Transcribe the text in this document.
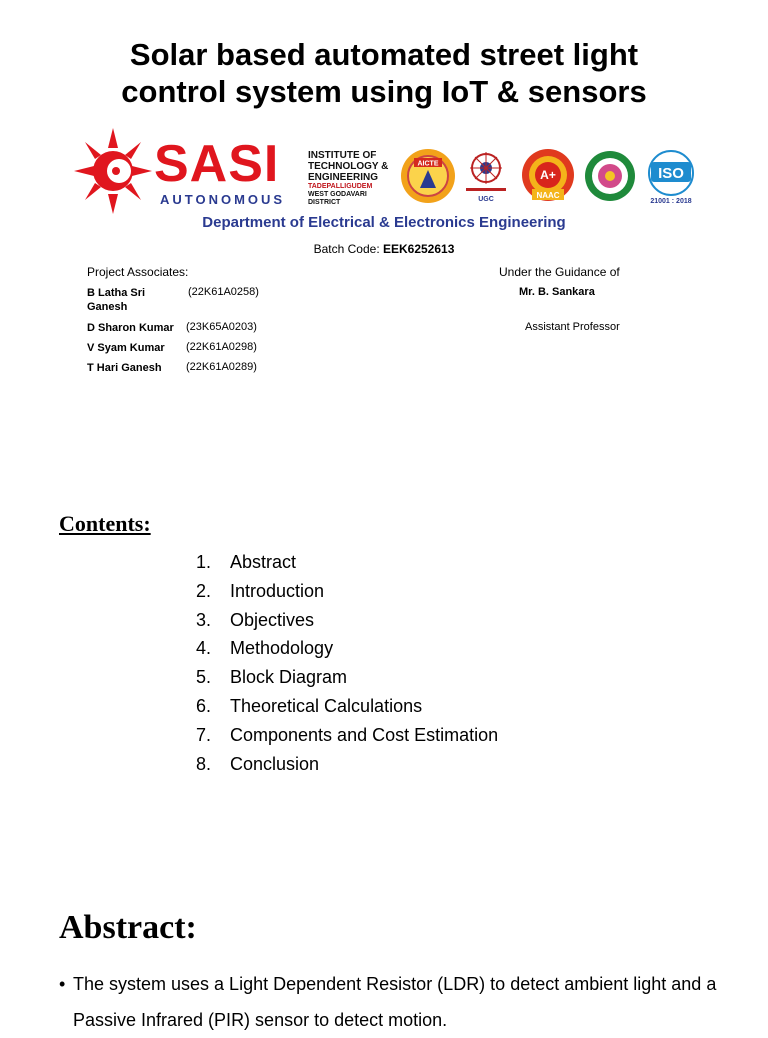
Solar based automated street light
control system using IoT & sensors
SASI
AUTONOMOUS
INSTITUTE OF
TECHNOLOGY &
ENGINEERING
TADEPALLIGUDEM
WEST GODAVARI DISTRICT
AICTE
UGC
A+
NAAC
ISO
21001 : 2018
Department of Electrical & Electronics Engineering
Batch Code: EEK6252613
Project Associates:	Under the Guidance of
B Latha Sri Ganesh
(22K61A0258)
D Sharon Kumar (23K65A0203)
V Syam Kumar (22K61A0298)
T Hari Ganesh (22K61A0289)
Mr. B. Sankara
Assistant Professor
Contents:
1. Abstract
2. Introduction
3. Objectives
4. Methodology
5. Block Diagram
6. Theoretical Calculations
7. Components and Cost Estimation
8. Conclusion
Abstract:
• The system uses a Light Dependent Resistor (LDR) to detect ambient light and a Passive Infrared (PIR) sensor to detect motion.
